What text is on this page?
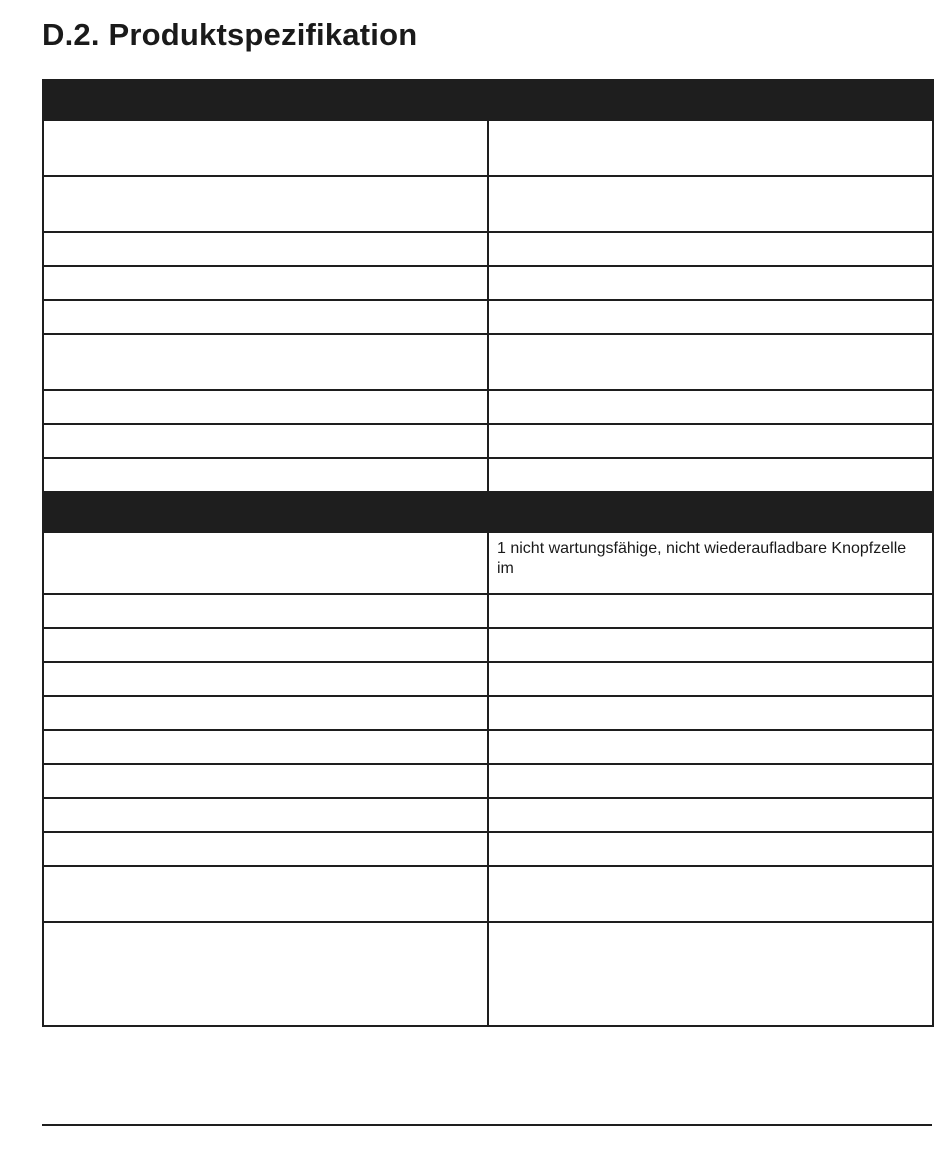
D.2. Produktspezifikation

	1 nicht wartungsfähige, nicht wiederaufladbare Knopfzelle im
